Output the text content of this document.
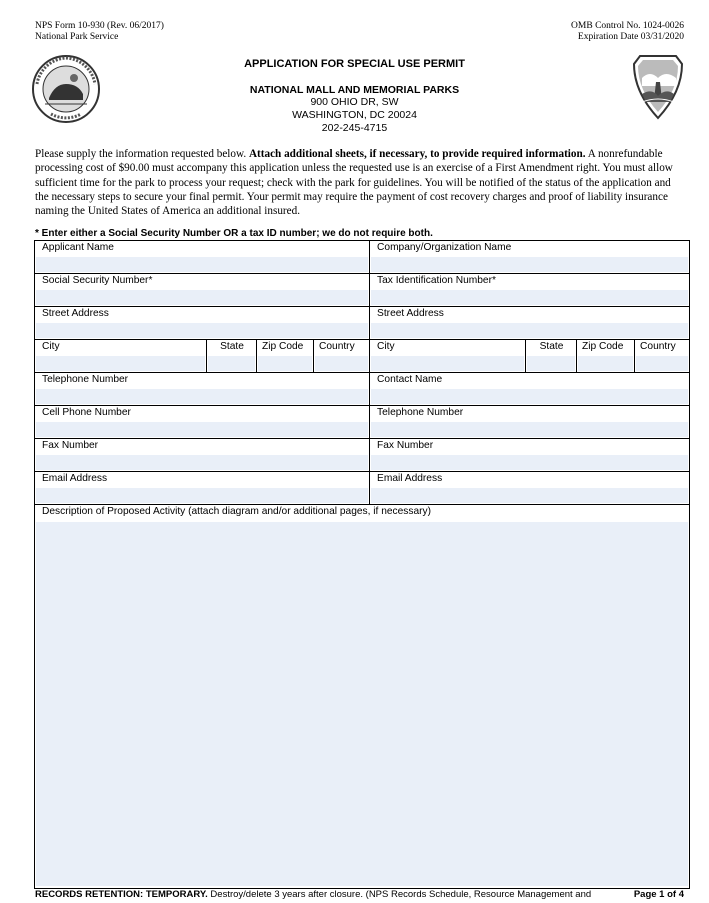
NPS Form 10-930 (Rev. 06/2017)
National Park Service
OMB Control No. 1024-0026
Expiration Date 03/31/2020
APPLICATION FOR SPECIAL USE PERMIT
NATIONAL MALL AND MEMORIAL PARKS
900 OHIO DR, SW
WASHINGTON, DC 20024
202-245-4715
Please supply the information requested below. Attach additional sheets, if necessary, to provide required information. A nonrefundable processing cost of $90.00 must accompany this application unless the requested use is an exercise of a First Amendment right. You must allow sufficient time for the park to process your request; check with the park for guidelines. You will be notified of the status of the application and the necessary steps to secure your final permit. Your permit may require the payment of cost recovery charges and proof of liability insurance naming the United States of America an additional insured.
* Enter either a Social Security Number OR a tax ID number; we do not require both.
Applicant Name				Company/Organization Name			

Social Security Number*				Tax Identification Number*			

Street Address				Street Address			

City	State	Zip Code	Country	City	State	Zip Code	Country

Telephone Number				Contact Name			

Cell Phone Number				Telephone Number			

Fax Number				Fax Number			

Email Address				Email Address			

Description of Proposed Activity (attach diagram and/or additional pages, if necessary)							
RECORDS RETENTION: TEMPORARY. Destroy/delete 3 years after closure. (NPS Records Schedule, Resource Management and	Page 1 of 4
